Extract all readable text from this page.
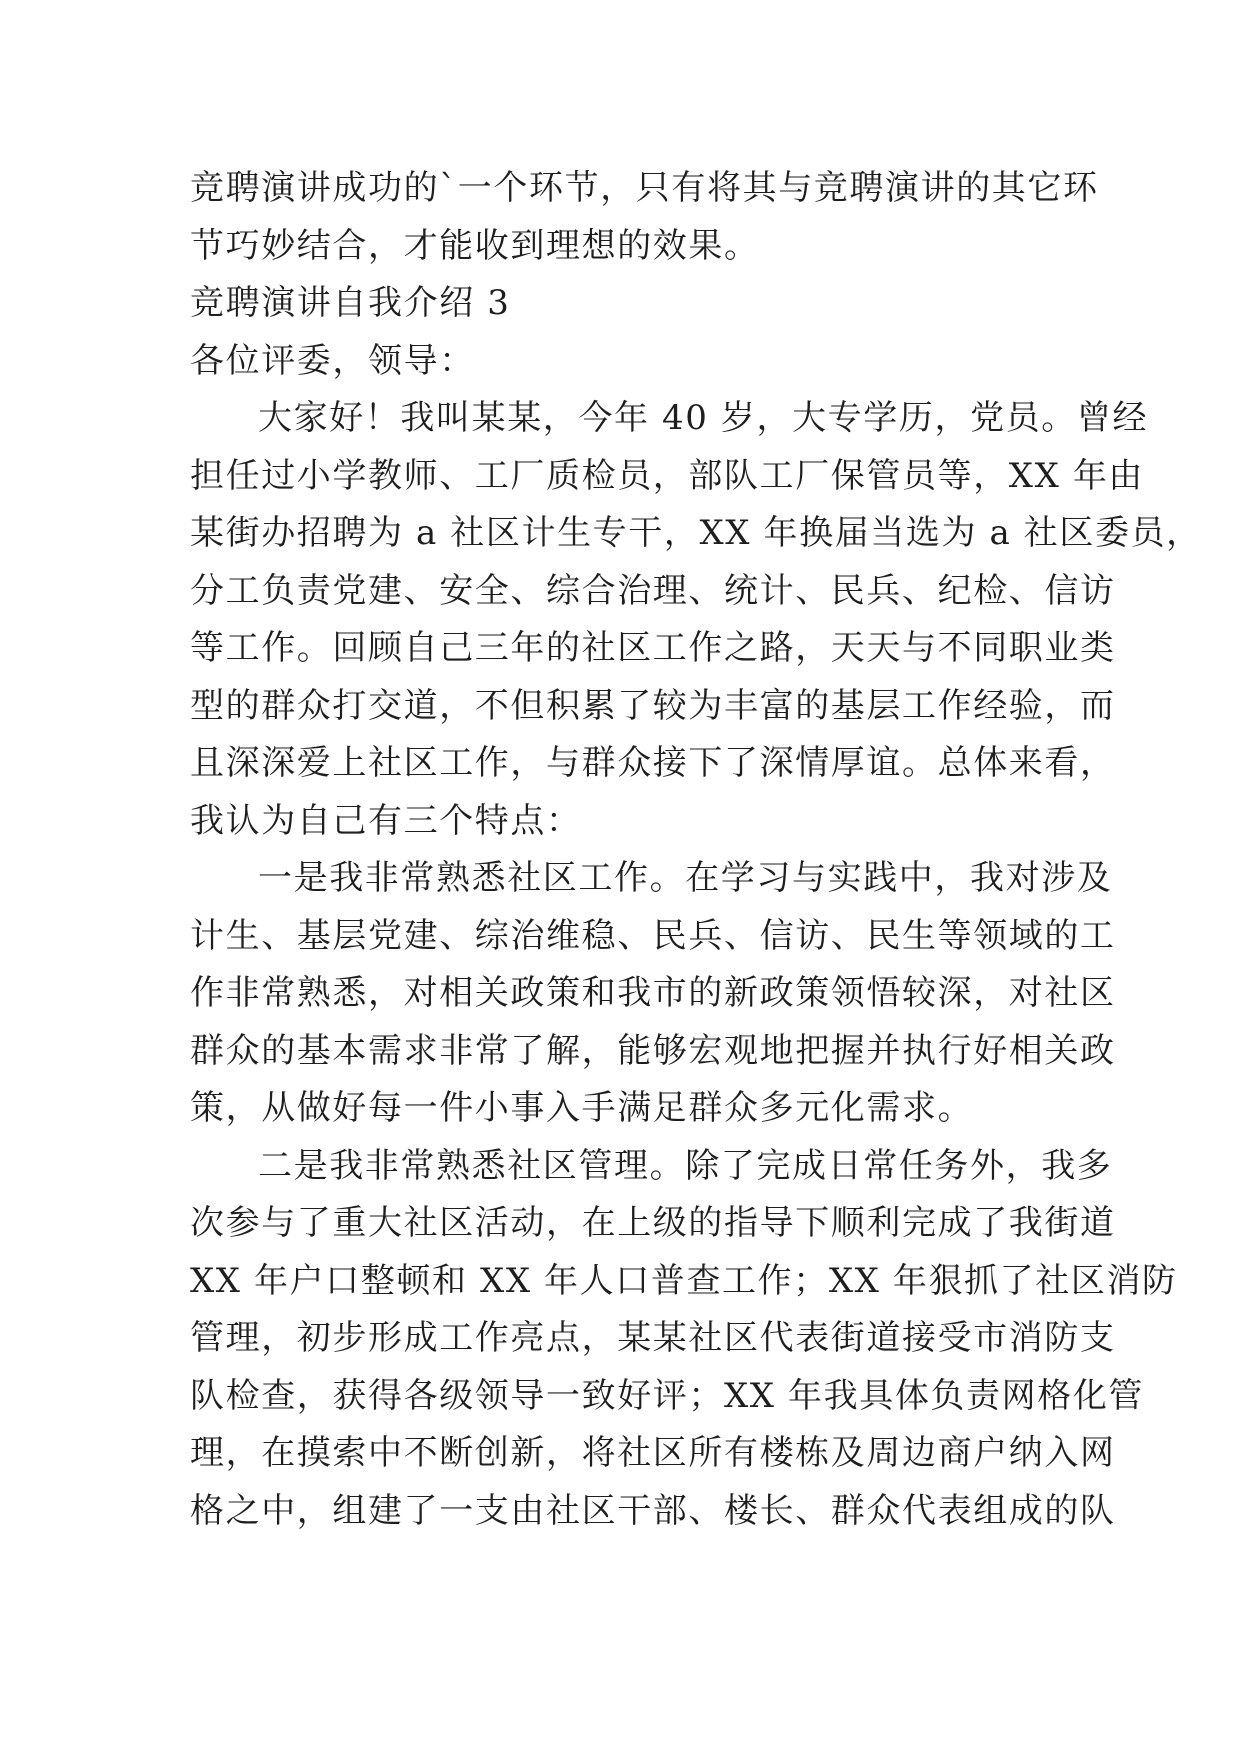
竞聘演讲成功的`一个环节，只有将其与竞聘演讲的其它环
节巧妙结合，才能收到理想的效果。
竞聘演讲自我介绍 3
各位评委，领导：
大家好！我叫某某，今年 40 岁，大专学历，党员。曾经
担任过小学教师、工厂质检员，部队工厂保管员等，XX 年由
某街办招聘为 a 社区计生专干，XX 年换届当选为 a 社区委员，
分工负责党建、安全、综合治理、统计、民兵、纪检、信访
等工作。回顾自己三年的社区工作之路，天天与不同职业类
型的群众打交道，不但积累了较为丰富的基层工作经验，而
且深深爱上社区工作，与群众接下了深情厚谊。总体来看，
我认为自己有三个特点：
一是我非常熟悉社区工作。在学习与实践中，我对涉及
计生、基层党建、综治维稳、民兵、信访、民生等领域的工
作非常熟悉，对相关政策和我市的新政策领悟较深，对社区
群众的基本需求非常了解，能够宏观地把握并执行好相关政
策，从做好每一件小事入手满足群众多元化需求。
二是我非常熟悉社区管理。除了完成日常任务外，我多
次参与了重大社区活动，在上级的指导下顺利完成了我街道
XX 年户口整顿和 XX 年人口普查工作；XX 年狠抓了社区消防
管理，初步形成工作亮点，某某社区代表街道接受市消防支
队检查，获得各级领导一致好评；XX 年我具体负责网格化管
理，在摸索中不断创新，将社区所有楼栋及周边商户纳入网
格之中，组建了一支由社区干部、楼长、群众代表组成的队
